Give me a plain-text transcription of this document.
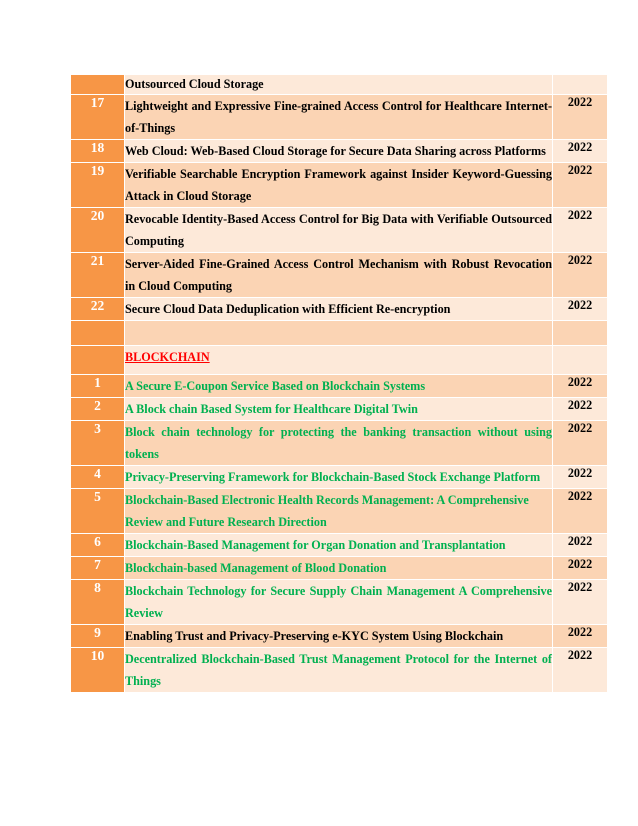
	Outsourced Cloud Storage	
17	Lightweight and Expressive Fine-grained Access Control for Healthcare Internet-of-Things	2022
18	Web Cloud: Web-Based Cloud Storage for Secure Data Sharing across Platforms	2022
19	Verifiable Searchable Encryption Framework against Insider Keyword-Guessing Attack in Cloud Storage	2022
20	Revocable Identity-Based Access Control for Big Data with Verifiable Outsourced Computing	2022
21	Server-Aided Fine-Grained Access Control Mechanism with Robust Revocation in Cloud Computing	2022
22	Secure Cloud Data Deduplication with Efficient Re-encryption	2022

	BLOCKCHAIN	
1	A Secure E-Coupon Service Based on Blockchain Systems	2022
2	A Block chain Based System for Healthcare Digital Twin	2022
3	Block chain technology for protecting the banking transaction without using tokens	2022
4	Privacy-Preserving Framework for Blockchain-Based Stock Exchange Platform	2022
5	Blockchain-Based Electronic Health Records Management: A Comprehensive Review and Future Research Direction	2022
6	Blockchain-Based Management for Organ Donation and Transplantation	2022
7	Blockchain-based Management of Blood Donation	2022
8	Blockchain Technology for Secure Supply Chain Management A Comprehensive Review	2022
9	Enabling Trust and Privacy-Preserving e-KYC System Using Blockchain	2022
10	Decentralized Blockchain-Based Trust Management Protocol for the Internet of Things	2022
